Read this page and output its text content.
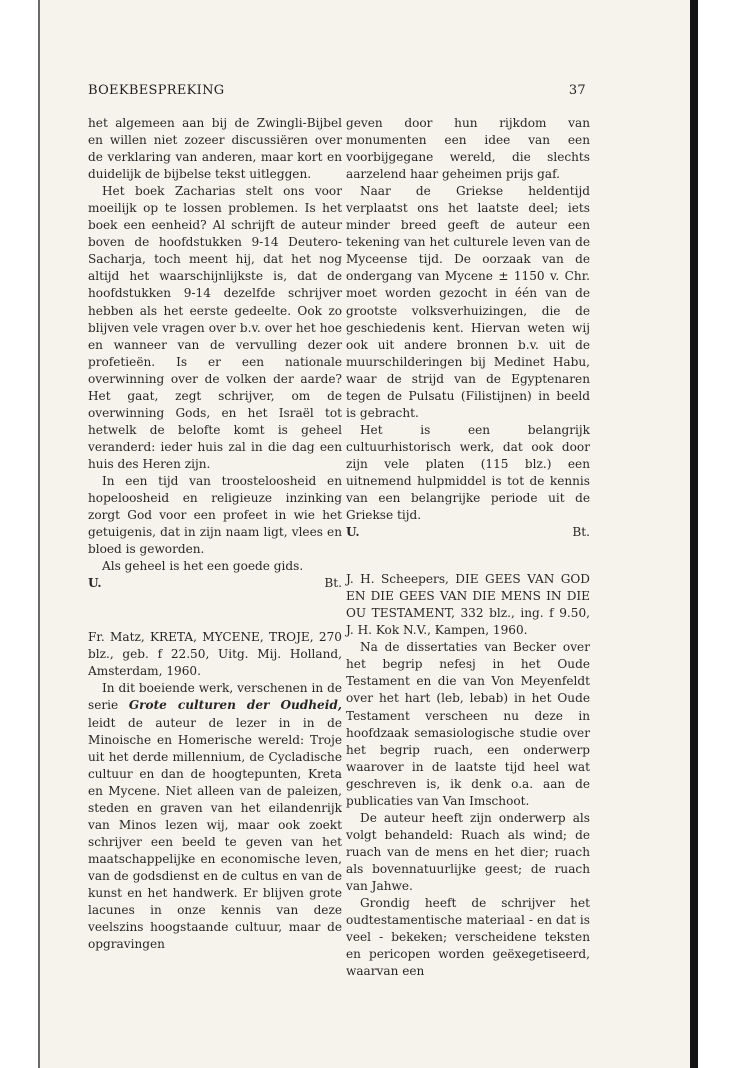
BOEKBESPREKING	37

het algemeen aan bij de Zwingli-Bijbel en willen niet zozeer discussiëren over de verklaring van anderen, maar kort en duidelijk de bijbelse tekst uitleggen.

Het boek Zacharias stelt ons voor moeilijk op te lossen problemen. Is het boek een eenheid? Al schrijft de auteur boven de hoofdstukken 9-14 Deutero-Sacharja, toch meent hij, dat het nog altijd het waarschijnlijkste is, dat de hoofdstukken 9-14 dezelfde schrijver hebben als het eerste gedeelte. Ook zo blijven vele vragen over b.v. over het hoe en wanneer van de vervulling dezer profetieën. Is er een nationale overwinning over de volken der aarde? Het gaat, zegt schrijver, om de overwinning Gods, en het Israël tot hetwelk de belofte komt is geheel veranderd: ieder huis zal in die dag een huis des Heren zijn.

In een tijd van troosteloosheid en hopeloosheid en religieuze inzinking zorgt God voor een profeet in wie het getuigenis, dat in zijn naam ligt, vlees en bloed is geworden.

Als geheel is het een goede gids.

U.	Bt.

Fr. Matz, KRETA, MYCENE, TROJE, 270 blz., geb. f 22.50, Uitg. Mij. Holland, Amsterdam, 1960.

In dit boeiende werk, verschenen in de serie Grote culturen der Oudheid, leidt de auteur de lezer in in de Minoische en Homerische wereld: Troje uit het derde millennium, de Cycladische cultuur en dan de hoogtepunten, Kreta en Mycene. Niet alleen van de paleizen, steden en graven van het eilandenrijk van Minos lezen wij, maar ook zoekt schrijver een beeld te geven van het maatschappelijke en economische leven, van de godsdienst en de cultus en van de kunst en het handwerk. Er blijven grote lacunes in onze kennis van deze veelszins hoogstaande cultuur, maar de opgravingen

geven door hun rijkdom van monumenten een idee van een voorbijgegane wereld, die slechts aarzelend haar geheimen prijs gaf.

Naar de Griekse heldentijd verplaatst ons het laatste deel; iets minder breed geeft de auteur een tekening van het culturele leven van de Myceense tijd. De oorzaak van de ondergang van Mycene ± 1150 v. Chr. moet worden gezocht in één van de grootste volksverhuizingen, die de geschiedenis kent. Hiervan weten wij ook uit andere bronnen b.v. uit de muurschilderingen bij Medinet Habu, waar de strijd van de Egyptenaren tegen de Pulsatu (Filistijnen) in beeld is gebracht.

Het is een belangrijk cultuurhistorisch werk, dat ook door zijn vele platen (115 blz.) een uitnemend hulpmiddel is tot de kennis van een belangrijke periode uit de Griekse tijd.

U.	Bt.

J. H. Scheepers, DIE GEES VAN GOD EN DIE GEES VAN DIE MENS IN DIE OU TESTAMENT, 332 blz., ing. f 9.50, J. H. Kok N.V., Kampen, 1960.

Na de dissertaties van Becker over het begrip nefesj in het Oude Testament en die van Von Meyenfeldt over het hart (leb, lebab) in het Oude Testament verscheen nu deze in hoofdzaak semasiologische studie over het begrip ruach, een onderwerp waarover in de laatste tijd heel wat geschreven is, ik denk o.a. aan de publicaties van Van Imschoot.

De auteur heeft zijn onderwerp als volgt behandeld: Ruach als wind; de ruach van de mens en het dier; ruach als bovennatuurlijke geest; de ruach van Jahwe.

Grondig heeft de schrijver het oudtestamentische materiaal - en dat is veel - bekeken; verscheidene teksten en pericopen worden geëxegetiseerd, waarvan een
